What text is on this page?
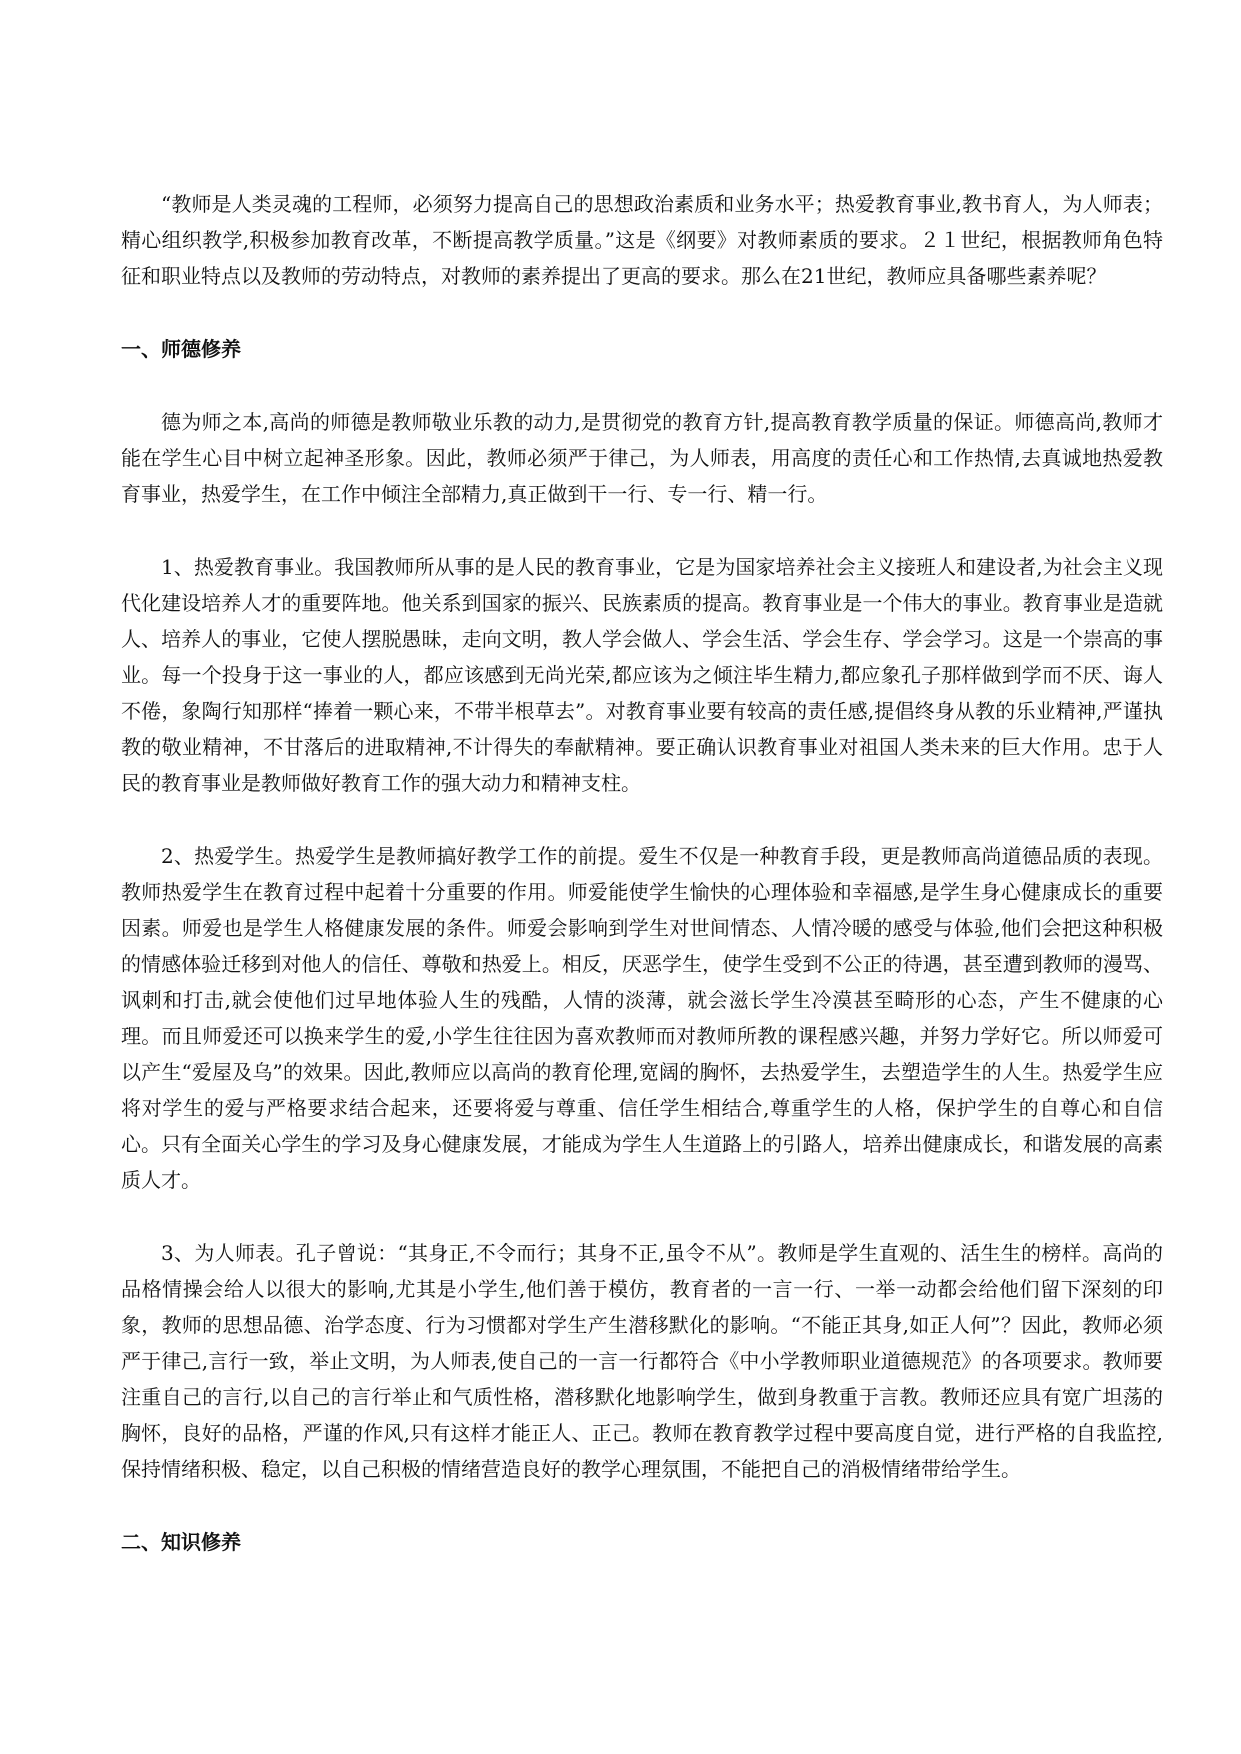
“教师是人类灵魂的工程师，必须努力提高自己的思想政治素质和业务水平；热爱教育事业,教书育人，为人师表；精心组织教学,积极参加教育改革，不断提高教学质量。”这是《纲要》对教师素质的要求。２１世纪，根据教师角色特征和职业特点以及教师的劳动特点，对教师的素养提出了更高的要求。那么在21世纪，教师应具备哪些素养呢？

一、师德修养

德为师之本,高尚的师德是教师敬业乐教的动力,是贯彻党的教育方针,提高教育教学质量的保证。师德高尚,教师才能在学生心目中树立起神圣形象。因此，教师必须严于律己，为人师表，用高度的责任心和工作热情,去真诚地热爱教育事业，热爱学生，在工作中倾注全部精力,真正做到干一行、专一行、精一行。

1、热爱教育事业。我国教师所从事的是人民的教育事业，它是为国家培养社会主义接班人和建设者,为社会主义现代化建设培养人才的重要阵地。他关系到国家的振兴、民族素质的提高。教育事业是一个伟大的事业。教育事业是造就人、培养人的事业，它使人摆脱愚昧，走向文明，教人学会做人、学会生活、学会生存、学会学习。这是一个崇高的事业。每一个投身于这一事业的人，都应该感到无尚光荣,都应该为之倾注毕生精力,都应象孔子那样做到学而不厌、诲人不倦，象陶行知那样“捧着一颗心来，不带半根草去”。对教育事业要有较高的责任感,提倡终身从教的乐业精神,严谨执教的敬业精神，不甘落后的进取精神,不计得失的奉献精神。要正确认识教育事业对祖国人类未来的巨大作用。忠于人民的教育事业是教师做好教育工作的强大动力和精神支柱。

2、热爱学生。热爱学生是教师搞好教学工作的前提。爱生不仅是一种教育手段，更是教师高尚道德品质的表现。教师热爱学生在教育过程中起着十分重要的作用。师爱能使学生愉快的心理体验和幸福感,是学生身心健康成长的重要因素。师爱也是学生人格健康发展的条件。师爱会影响到学生对世间情态、人情冷暖的感受与体验,他们会把这种积极的情感体验迁移到对他人的信任、尊敬和热爱上。相反，厌恶学生，使学生受到不公正的待遇，甚至遭到教师的漫骂、讽刺和打击,就会使他们过早地体验人生的残酷，人情的淡薄，就会滋长学生冷漠甚至畸形的心态，产生不健康的心理。而且师爱还可以换来学生的爱,小学生往往因为喜欢教师而对教师所教的课程感兴趣，并努力学好它。所以师爱可以产生“爱屋及乌”的效果。因此,教师应以高尚的教育伦理,宽阔的胸怀，去热爱学生，去塑造学生的人生。热爱学生应将对学生的爱与严格要求结合起来，还要将爱与尊重、信任学生相结合,尊重学生的人格，保护学生的自尊心和自信心。只有全面关心学生的学习及身心健康发展，才能成为学生人生道路上的引路人，培养出健康成长，和谐发展的高素质人才。

3、为人师表。孔子曾说：“其身正,不令而行；其身不正,虽令不从”。教师是学生直观的、活生生的榜样。高尚的品格情操会给人以很大的影响,尤其是小学生,他们善于模仿，教育者的一言一行、一举一动都会给他们留下深刻的印象，教师的思想品德、治学态度、行为习惯都对学生产生潜移默化的影响。“不能正其身,如正人何”？因此，教师必须严于律己,言行一致，举止文明，为人师表,使自己的一言一行都符合《中小学教师职业道德规范》的各项要求。教师要注重自己的言行,以自己的言行举止和气质性格，潜移默化地影响学生，做到身教重于言教。教师还应具有宽广坦荡的胸怀，良好的品格，严谨的作风,只有这样才能正人、正己。教师在教育教学过程中要高度自觉，进行严格的自我监控,保持情绪积极、稳定，以自己积极的情绪营造良好的教学心理氛围，不能把自己的消极情绪带给学生。

二、知识修养
